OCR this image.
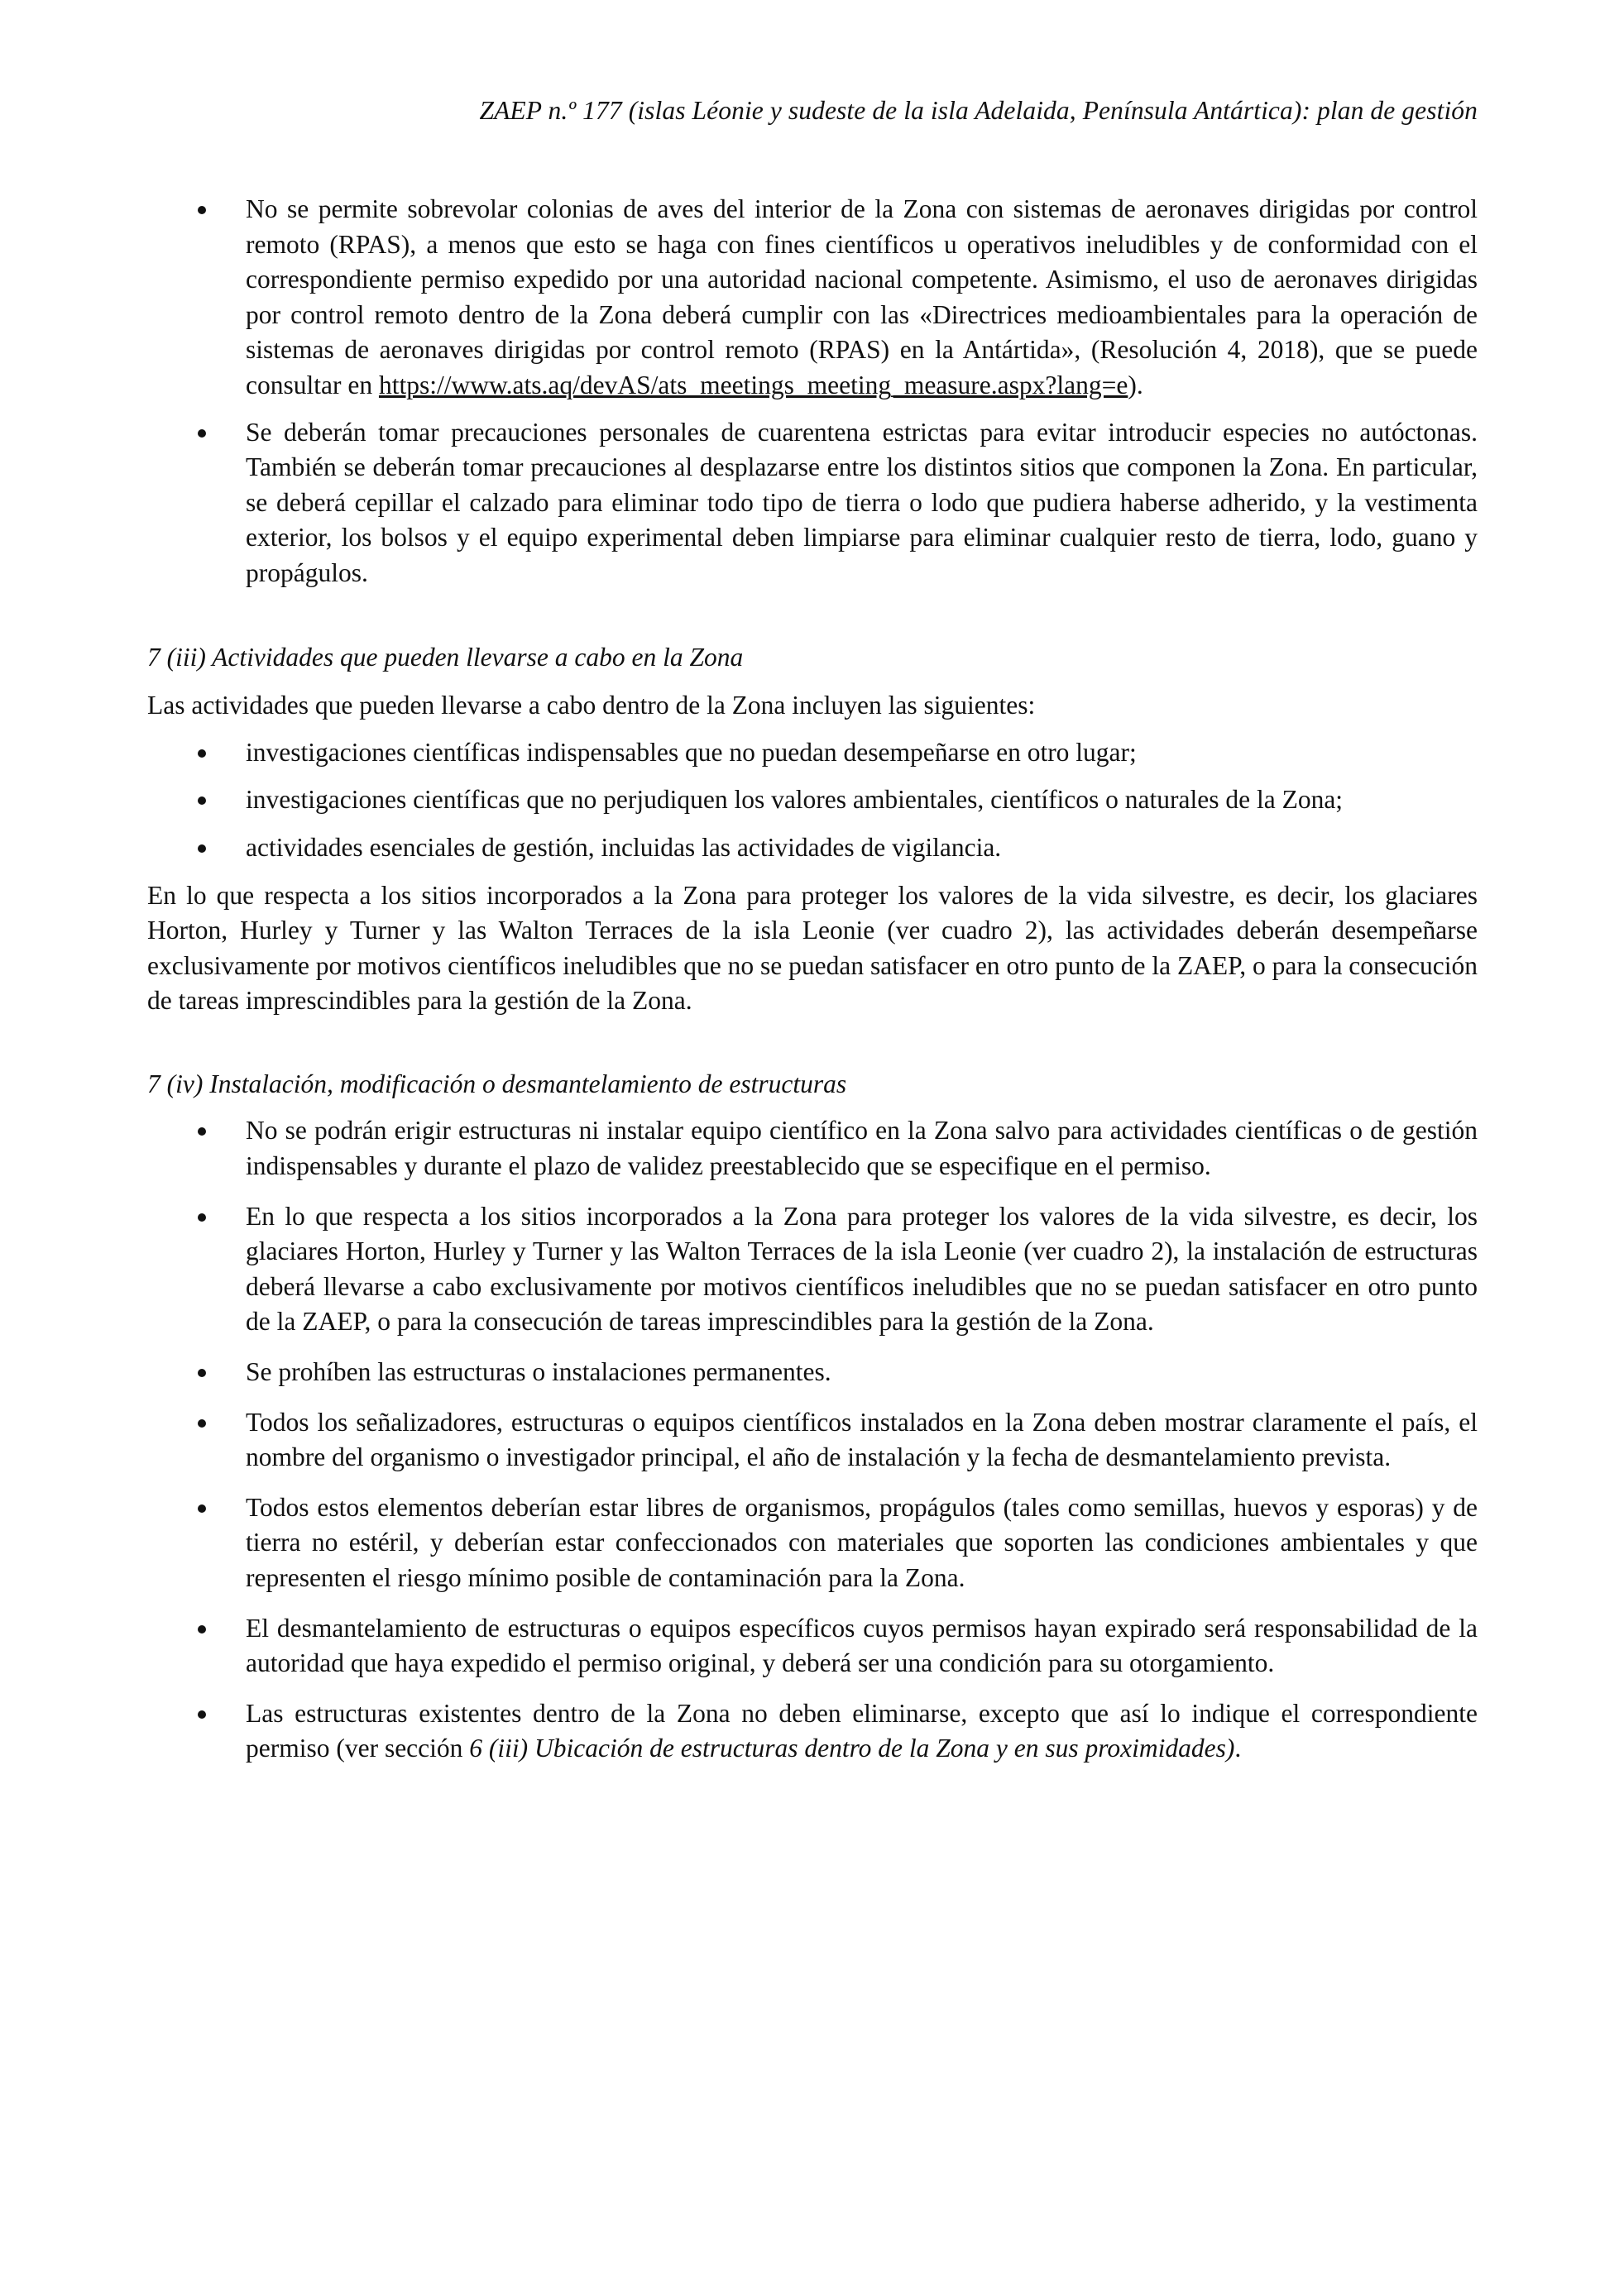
ZAEP n.º 177 (islas Léonie y sudeste de la isla Adelaida, Península Antártica): plan de gestión
No se permite sobrevolar colonias de aves del interior de la Zona con sistemas de aeronaves dirigidas por control remoto (RPAS), a menos que esto se haga con fines científicos u operativos ineludibles y de conformidad con el correspondiente permiso expedido por una autoridad nacional competente. Asimismo, el uso de aeronaves dirigidas por control remoto dentro de la Zona deberá cumplir con las «Directrices medioambientales para la operación de sistemas de aeronaves dirigidas por control remoto (RPAS) en la Antártida», (Resolución 4, 2018), que se puede consultar en https://www.ats.aq/devAS/ats_meetings_meeting_measure.aspx?lang=e).
Se deberán tomar precauciones personales de cuarentena estrictas para evitar introducir especies no autóctonas. También se deberán tomar precauciones al desplazarse entre los distintos sitios que componen la Zona. En particular, se deberá cepillar el calzado para eliminar todo tipo de tierra o lodo que pudiera haberse adherido, y la vestimenta exterior, los bolsos y el equipo experimental deben limpiarse para eliminar cualquier resto de tierra, lodo, guano y propágulos.

7 (iii) Actividades que pueden llevarse a cabo en la Zona

Las actividades que pueden llevarse a cabo dentro de la Zona incluyen las siguientes:

investigaciones científicas indispensables que no puedan desempeñarse en otro lugar;
investigaciones científicas que no perjudiquen los valores ambientales, científicos o naturales de la Zona;
actividades esenciales de gestión, incluidas las actividades de vigilancia.

En lo que respecta a los sitios incorporados a la Zona para proteger los valores de la vida silvestre, es decir, los glaciares Horton, Hurley y Turner y las Walton Terraces de la isla Leonie (ver cuadro 2), las actividades deberán desempeñarse exclusivamente por motivos científicos ineludibles que no se puedan satisfacer en otro punto de la ZAEP, o para la consecución de tareas imprescindibles para la gestión de la Zona.

7 (iv) Instalación, modificación o desmantelamiento de estructuras

No se podrán erigir estructuras ni instalar equipo científico en la Zona salvo para actividades científicas o de gestión indispensables y durante el plazo de validez preestablecido que se especifique en el permiso.
En lo que respecta a los sitios incorporados a la Zona para proteger los valores de la vida silvestre, es decir, los glaciares Horton, Hurley y Turner y las Walton Terraces de la isla Leonie (ver cuadro 2), la instalación de estructuras deberá llevarse a cabo exclusivamente por motivos científicos ineludibles que no se puedan satisfacer en otro punto de la ZAEP, o para la consecución de tareas imprescindibles para la gestión de la Zona.
Se prohíben las estructuras o instalaciones permanentes.
Todos los señalizadores, estructuras o equipos científicos instalados en la Zona deben mostrar claramente el país, el nombre del organismo o investigador principal, el año de instalación y la fecha de desmantelamiento prevista.
Todos estos elementos deberían estar libres de organismos, propágulos (tales como semillas, huevos y esporas) y de tierra no estéril, y deberían estar confeccionados con materiales que soporten las condiciones ambientales y que representen el riesgo mínimo posible de contaminación para la Zona.
El desmantelamiento de estructuras o equipos específicos cuyos permisos hayan expirado será responsabilidad de la autoridad que haya expedido el permiso original, y deberá ser una condición para su otorgamiento.
Las estructuras existentes dentro de la Zona no deben eliminarse, excepto que así lo indique el correspondiente permiso (ver sección 6 (iii) Ubicación de estructuras dentro de la Zona y en sus proximidades).
